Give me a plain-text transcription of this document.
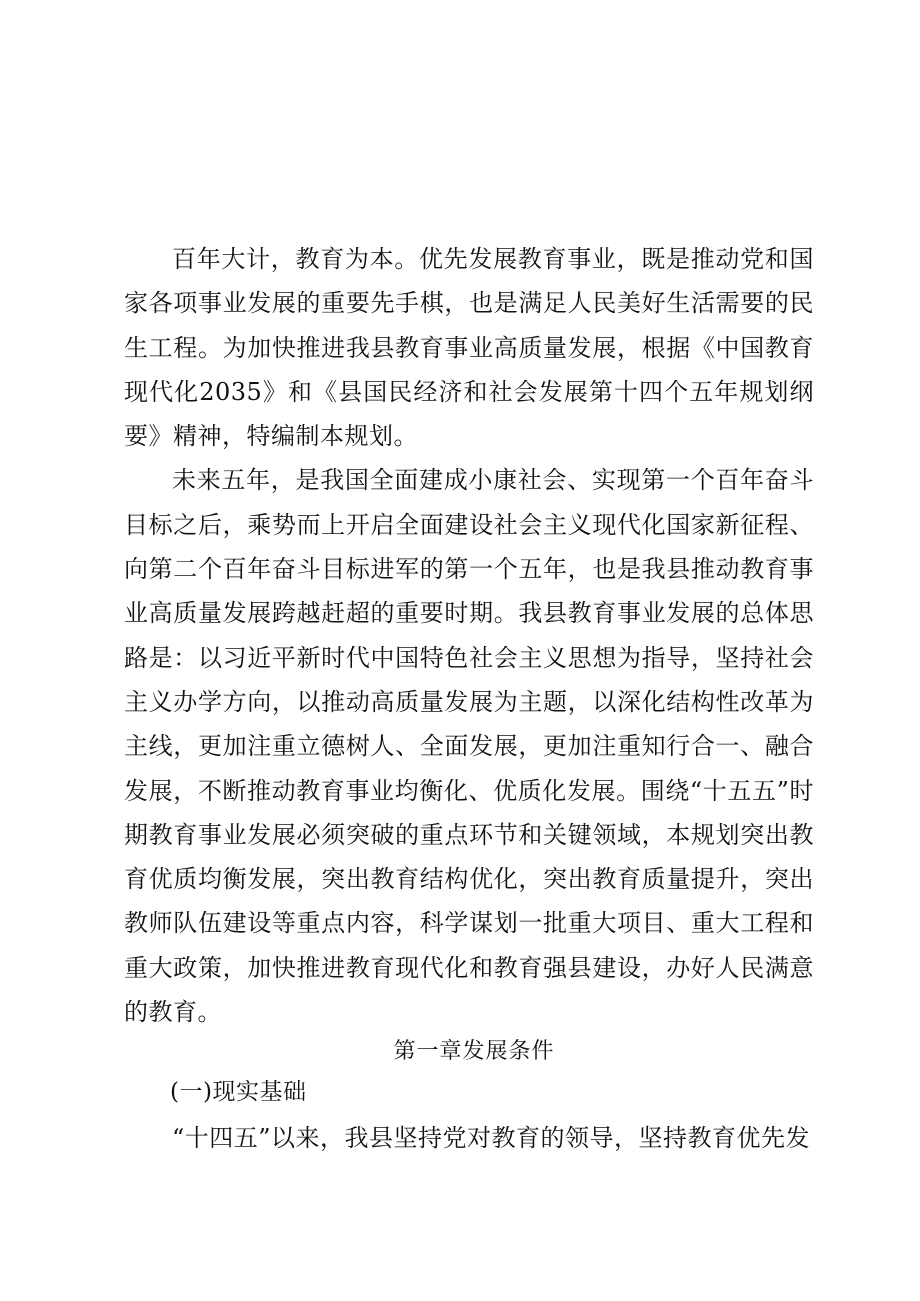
百年大计，教育为本。优先发展教育事业，既是推动党和国家各项事业发展的重要先手棋，也是满足人民美好生活需要的民生工程。为加快推进我县教育事业高质量发展，根据《中国教育现代化2035》和《县国民经济和社会发展第十四个五年规划纲要》精神，特编制本规划。

未来五年，是我国全面建成小康社会、实现第一个百年奋斗目标之后，乘势而上开启全面建设社会主义现代化国家新征程、向第二个百年奋斗目标进军的第一个五年，也是我县推动教育事业高质量发展跨越赶超的重要时期。我县教育事业发展的总体思路是：以习近平新时代中国特色社会主义思想为指导，坚持社会主义办学方向，以推动高质量发展为主题，以深化结构性改革为主线，更加注重立德树人、全面发展，更加注重知行合一、融合发展，不断推动教育事业均衡化、优质化发展。围绕“十五五”时期教育事业发展必须突破的重点环节和关键领域，本规划突出教育优质均衡发展，突出教育结构优化，突出教育质量提升，突出教师队伍建设等重点内容，科学谋划一批重大项目、重大工程和重大政策，加快推进教育现代化和教育强县建设，办好人民满意的教育。

第一章发展条件

(一)现实基础

“十四五”以来，我县坚持党对教育的领导，坚持教育优先发
